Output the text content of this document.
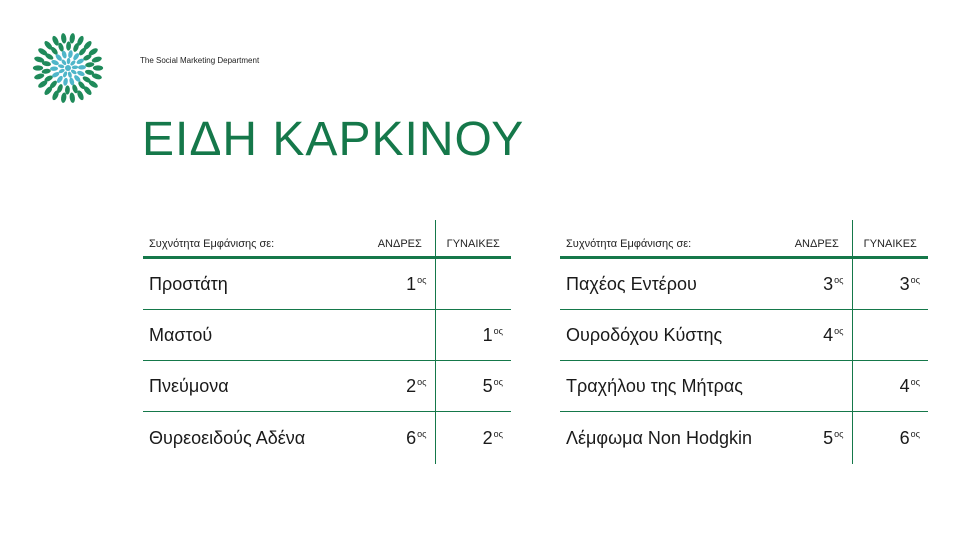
The Social Marketing Department
ΕΙΔΗ ΚΑΡΚΙΝΟΥ
Συχνότητα Εμφάνισης σε:	ΑΝΔΡΕΣ	ΓΥΝΑΙΚΕΣ
Προστάτη	$1^{o\varsigma}$	
Μαστού		$1^{o\varsigma}$
Πνεύμονα	$2^{o\varsigma}$	$5^{o\varsigma}$
Θυρεοειδούς Αδένα	$6^{o\varsigma}$	$2^{o\varsigma}$
Συχνότητα Εμφάνισης σε:	ΑΝΔΡΕΣ	ΓΥΝΑΙΚΕΣ
Παχέος Εντέρου	$3^{o\varsigma}$	$3^{o\varsigma}$
Ουροδόχου Κύστης	$4^{o\varsigma}$	
Τραχήλου της Μήτρας		$4^{o\varsigma}$
Λέμφωμα Non Hodgkin	$5^{o\varsigma}$	$6^{o\varsigma}$
